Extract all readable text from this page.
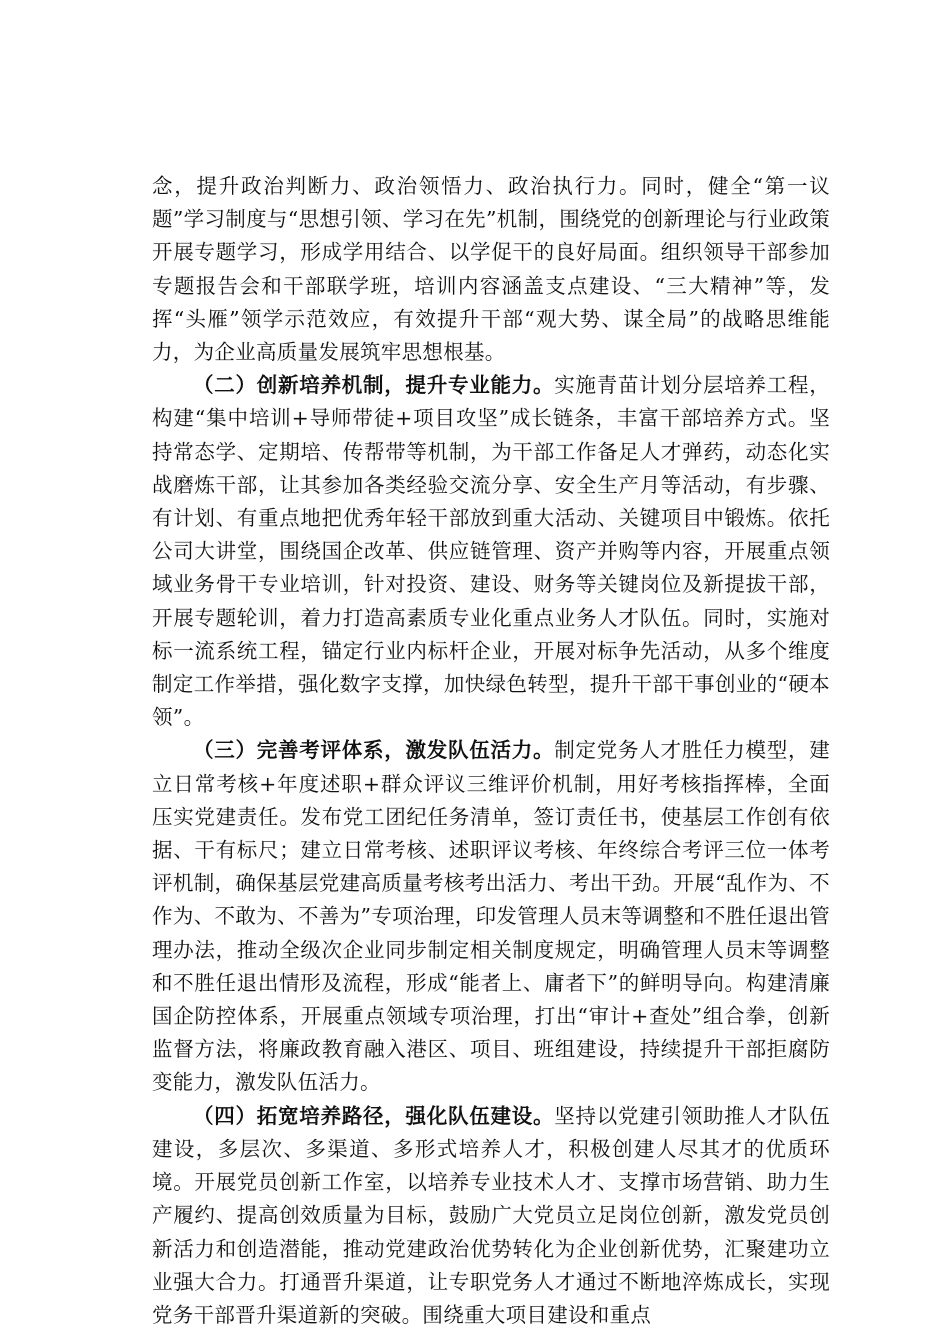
念，提升政治判断力、政治领悟力、政治执行力。同时，健全“第一议题”学习制度与“思想引领、学习在先”机制，围绕党的创新理论与行业政策开展专题学习，形成学用结合、以学促干的良好局面。组织领导干部参加专题报告会和干部联学班，培训内容涵盖支点建设、“三大精神”等，发挥“头雁”领学示范效应，有效提升干部“观大势、谋全局”的战略思维能力，为企业高质量发展筑牢思想根基。

（二）创新培养机制，提升专业能力。实施青苗计划分层培养工程，构建“集中培训+导师带徒+项目攻坚”成长链条，丰富干部培养方式。坚持常态学、定期培、传帮带等机制，为干部工作备足人才弹药，动态化实战磨炼干部，让其参加各类经验交流分享、安全生产月等活动，有步骤、有计划、有重点地把优秀年轻干部放到重大活动、关键项目中锻炼。依托公司大讲堂，围绕国企改革、供应链管理、资产并购等内容，开展重点领域业务骨干专业培训，针对投资、建设、财务等关键岗位及新提拔干部，开展专题轮训，着力打造高素质专业化重点业务人才队伍。同时，实施对标一流系统工程，锚定行业内标杆企业，开展对标争先活动，从多个维度制定工作举措，强化数字支撑，加快绿色转型，提升干部干事创业的“硬本领”。

（三）完善考评体系，激发队伍活力。制定党务人才胜任力模型，建立日常考核+年度述职+群众评议三维评价机制，用好考核指挥棒，全面压实党建责任。发布党工团纪任务清单，签订责任书，使基层工作创有依据、干有标尺；建立日常考核、述职评议考核、年终综合考评三位一体考评机制，确保基层党建高质量考核考出活力、考出干劲。开展“乱作为、不作为、不敢为、不善为”专项治理，印发管理人员末等调整和不胜任退出管理办法，推动全级次企业同步制定相关制度规定，明确管理人员末等调整和不胜任退出情形及流程，形成“能者上、庸者下”的鲜明导向。构建清廉国企防控体系，开展重点领域专项治理，打出“审计+查处”组合拳，创新监督方法，将廉政教育融入港区、项目、班组建设，持续提升干部拒腐防变能力，激发队伍活力。

（四）拓宽培养路径，强化队伍建设。坚持以党建引领助推人才队伍建设，多层次、多渠道、多形式培养人才，积极创建人尽其才的优质环境。开展党员创新工作室，以培养专业技术人才、支撑市场营销、助力生产履约、提高创效质量为目标，鼓励广大党员立足岗位创新，激发党员创新活力和创造潜能，推动党建政治优势转化为企业创新优势，汇聚建功立业强大合力。打通晋升渠道，让专职党务人才通过不断地淬炼成长，实现党务干部晋升渠道新的突破。围绕重大项目建设和重点
